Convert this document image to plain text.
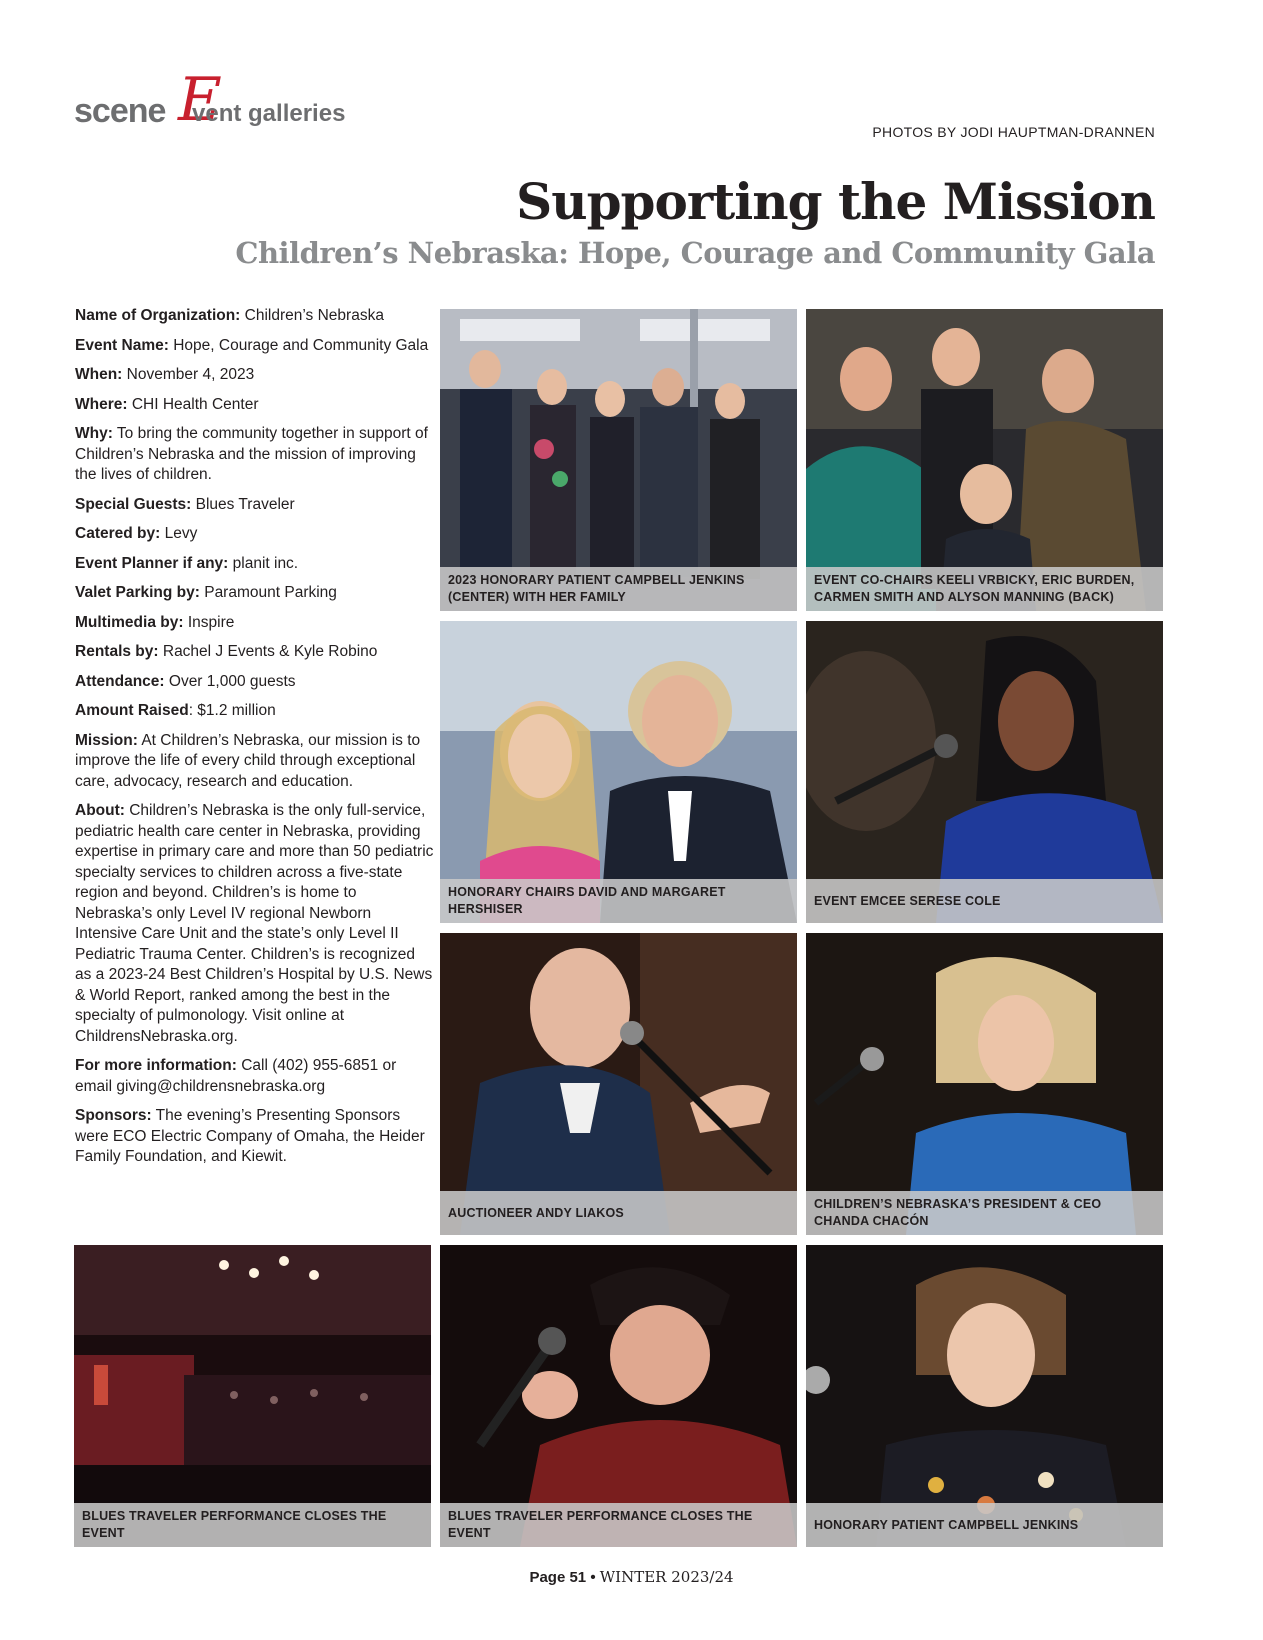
scene E
vent galleries
PHOTOS BY JODI HAUPTMAN-DRANNEN
Supporting the Mission
Children’s Nebraska: Hope, Courage and Community Gala

Name of Organization: Children’s Nebraska

Event Name: Hope, Courage and Community Gala

When: November 4, 2023

Where: CHI Health Center

Why: To bring the community together in support of Children’s Nebraska and the mission of improving the lives of children.

Special Guests: Blues Traveler

Catered by: Levy

Event Planner if any: planit inc.

Valet Parking by: Paramount Parking

Multimedia by: Inspire

Rentals by: Rachel J Events & Kyle Robino

Attendance: Over 1,000 guests

Amount Raised: $1.2 million

Mission: At Children’s Nebraska, our mission is to improve the life of every child through exceptional care, advocacy, research and education.

About: Children’s Nebraska is the only full-service, pediatric health care center in Nebraska, providing expertise in primary care and more than 50 pediatric specialty services to children across a five-state region and beyond. Children’s is home to Nebraska’s only Level IV regional Newborn Intensive Care Unit and the state’s only Level II Pediatric Trauma Center. Children’s is recognized as a 2023-24 Best Children’s Hospital by U.S. News & World Report, ranked among the best in the specialty of pulmonology. Visit online at ChildrensNebraska.org.

For more information: Call (402) 955-6851 or email giving@childrensnebraska.org

Sponsors: The evening’s Presenting Sponsors were ECO Electric Company of Omaha, the Heider Family Foundation, and Kiewit.

2023 HONORARY PATIENT CAMPBELL JENKINS (CENTER) WITH HER FAMILY
EVENT CO-CHAIRS KEELI VRBICKY, ERIC BURDEN, CARMEN SMITH AND ALYSON MANNING (BACK)
HONORARY CHAIRS DAVID AND MARGARET HERSHISER
EVENT EMCEE SERESE COLE
AUCTIONEER ANDY LIAKOS
CHILDREN’S NEBRASKA’S PRESIDENT & CEO CHANDA CHACÓN
BLUES TRAVELER PERFORMANCE CLOSES THE EVENT
BLUES TRAVELER PERFORMANCE CLOSES THE EVENT
HONORARY PATIENT CAMPBELL JENKINS
Page 51 • WINTER 2023/24
